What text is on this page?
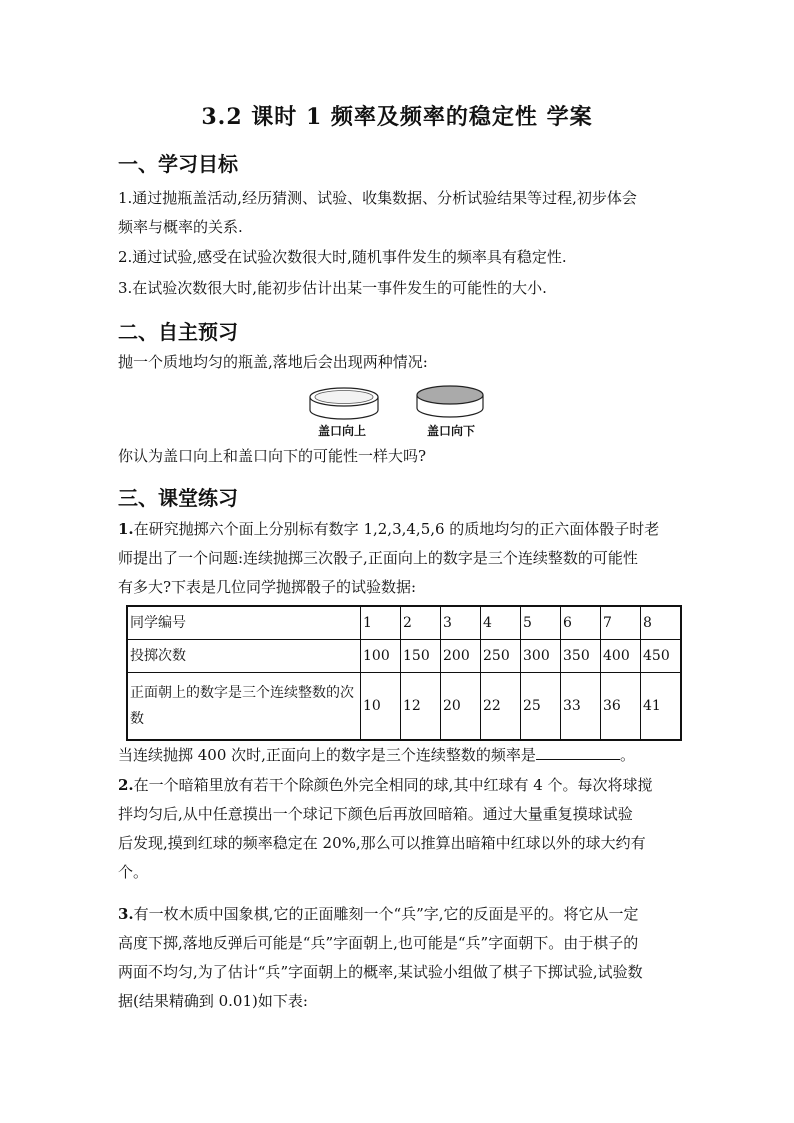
3.2 课时 1 频率及频率的稳定性 学案
一、学习目标
1.通过抛瓶盖活动,经历猜测、试验、收集数据、分析试验结果等过程,初步体会
频率与概率的关系.
2.通过试验,感受在试验次数很大时,随机事件发生的频率具有稳定性.
3.在试验次数很大时,能初步估计出某一事件发生的可能性的大小.
二、自主预习
抛一个质地均匀的瓶盖,落地后会出现两种情况:
盖口向上	盖口向下
你认为盖口向上和盖口向下的可能性一样大吗?
三、课堂练习
1.在研究抛掷六个面上分别标有数字 1,2,3,4,5,6 的质地均匀的正六面体骰子时老
师提出了一个问题:连续抛掷三次骰子,正面向上的数字是三个连续整数的可能性
有多大?下表是几位同学抛掷骰子的试验数据:
同学编号	1	2	3	4	5	6	7	8
投掷次数	100	150	200	250	300	350	400	450
正面朝上的数字是三个连续整数的次数	10	12	20	22	25	33	36	41
当连续抛掷 400 次时,正面向上的数字是三个连续整数的频率是	。
2.在一个暗箱里放有若干个除颜色外完全相同的球,其中红球有 4 个。每次将球搅
拌均匀后,从中任意摸出一个球记下颜色后再放回暗箱。通过大量重复摸球试验
后发现,摸到红球的频率稳定在 20%,那么可以推算出暗箱中红球以外的球大约有
个。
3.有一枚木质中国象棋,它的正面雕刻一个“兵”字,它的反面是平的。将它从一定
高度下掷,落地反弹后可能是“兵”字面朝上,也可能是“兵”字面朝下。由于棋子的
两面不均匀,为了估计“兵”字面朝上的概率,某试验小组做了棋子下掷试验,试验数
据(结果精确到 0.01)如下表:
